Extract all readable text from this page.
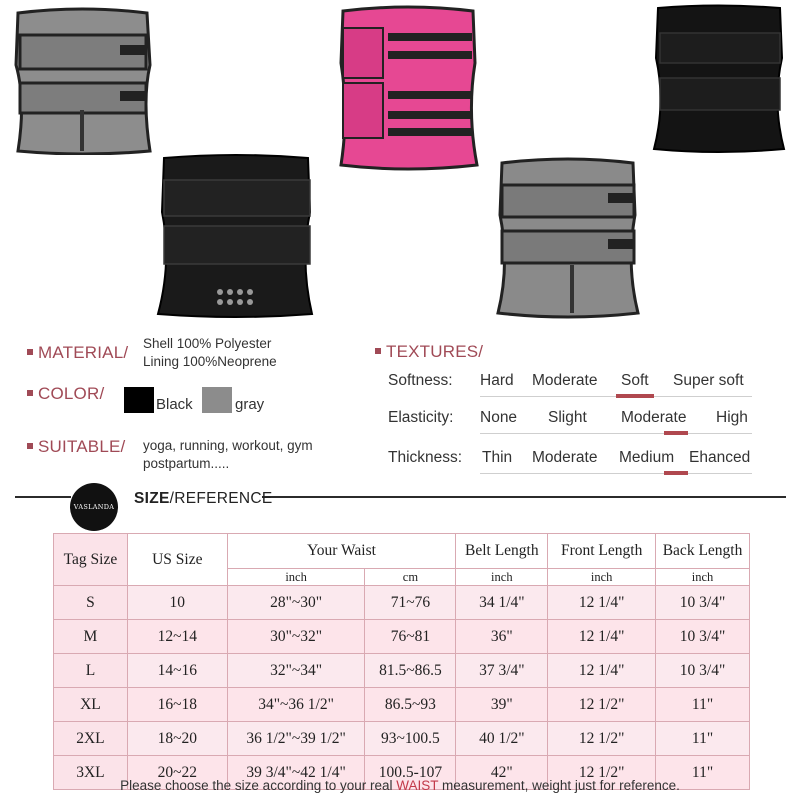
MATERIAL/ Shell 100% Polyester
Lining 100%Neoprene
COLOR/
Black	gray
SUITABLE/ yoga, running, workout, gym
postpartum.....
TEXTURES/
Softness: Hard Moderate Soft Super soft
Elasticity: None Slight Moderate High
Thickness: Thin Moderate Medium Ehanced
VASLANDA SIZE/REFERENCE
Tag Size	US Size	Your Waist		Belt Length	Front Length	Back Length
		inch	cm	inch	inch	inch
S	10	28"~30"	71~76	34 1/4"	12 1/4"	10 3/4"
M	12~14	30"~32"	76~81	36"	12 1/4"	10 3/4"
L	14~16	32"~34"	81.5~86.5	37 3/4"	12 1/4"	10 3/4"
XL	16~18	34"~36 1/2"	86.5~93	39"	12 1/2"	11"
2XL	18~20	36 1/2"~39 1/2"	93~100.5	40 1/2"	12 1/2"	11"
3XL	20~22	39 3/4"~42 1/4"	100.5-107	42"	12 1/2"	11"
Please choose the size according to your real WAIST measurement, weight just for reference.
